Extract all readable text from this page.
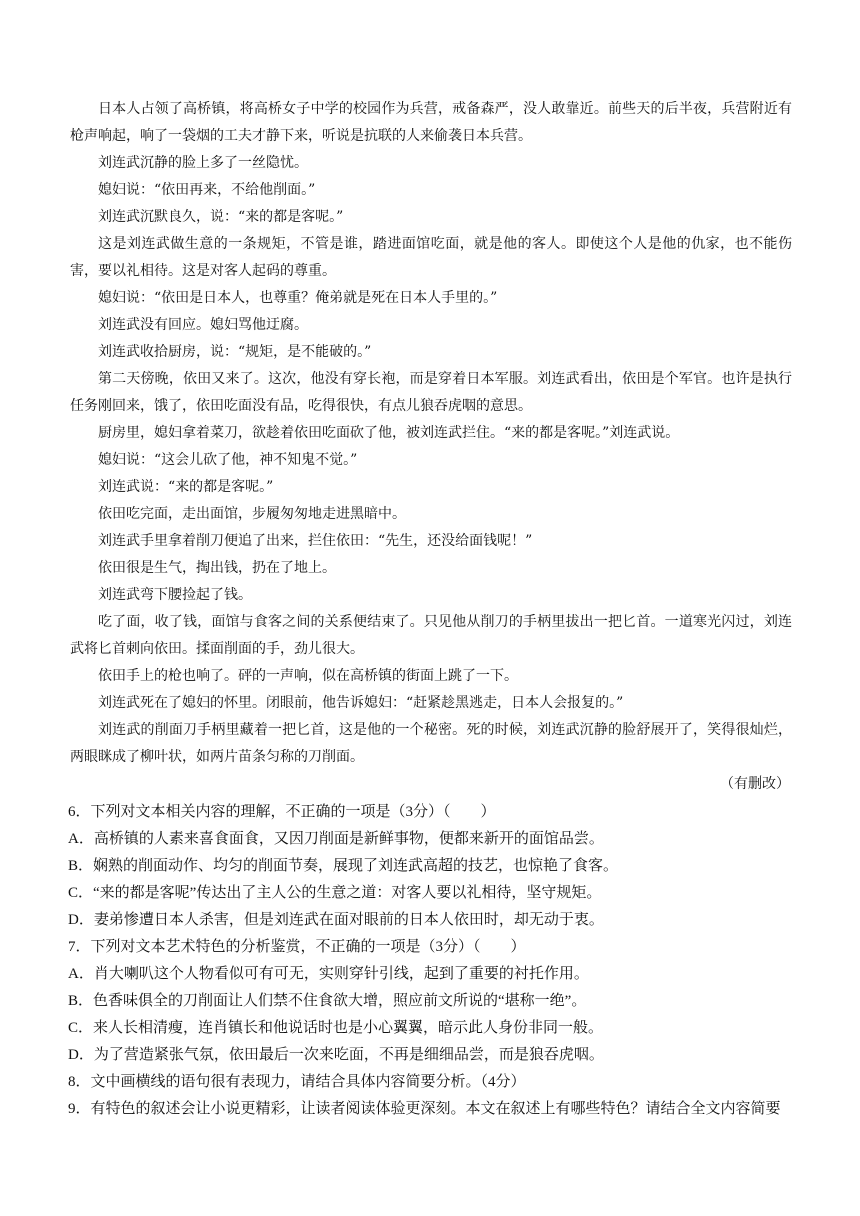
日本人占领了高桥镇，将高桥女子中学的校园作为兵营，戒备森严，没人敢靠近。前些天的后半夜，兵营附近有枪声响起，响了一袋烟的工夫才静下来，听说是抗联的人来偷袭日本兵营。

刘连武沉静的脸上多了一丝隐忧。

媳妇说：“依田再来，不给他削面。”

刘连武沉默良久，说：“来的都是客呢。”

这是刘连武做生意的一条规矩，不管是谁，踏进面馆吃面，就是他的客人。即使这个人是他的仇家，也不能伤害，要以礼相待。这是对客人起码的尊重。

媳妇说：“依田是日本人，也尊重？俺弟就是死在日本人手里的。”

刘连武没有回应。媳妇骂他迂腐。

刘连武收拾厨房，说：“规矩，是不能破的。”

第二天傍晚，依田又来了。这次，他没有穿长袍，而是穿着日本军服。刘连武看出，依田是个军官。也许是执行任务刚回来，饿了，依田吃面没有品，吃得很快，有点儿狼吞虎咽的意思。

厨房里，媳妇拿着菜刀，欲趁着依田吃面砍了他，被刘连武拦住。“来的都是客呢。”刘连武说。

媳妇说：“这会儿砍了他，神不知鬼不觉。”

刘连武说：“来的都是客呢。”

依田吃完面，走出面馆，步履匆匆地走进黑暗中。

刘连武手里拿着削刀便追了出来，拦住依田：“先生，还没给面钱呢！”

依田很是生气，掏出钱，扔在了地上。

刘连武弯下腰捡起了钱。

吃了面，收了钱，面馆与食客之间的关系便结束了。只见他从削刀的手柄里拔出一把匕首。一道寒光闪过，刘连武将匕首刺向依田。揉面削面的手，劲儿很大。

依田手上的枪也响了。砰的一声响，似在高桥镇的街面上跳了一下。

刘连武死在了媳妇的怀里。闭眼前，他告诉媳妇：“赶紧趁黑逃走，日本人会报复的。”

刘连武的削面刀手柄里藏着一把匕首，这是他的一个秘密。死的时候，刘连武沉静的脸舒展开了，笑得很灿烂，两眼眯成了柳叶状，如两片苗条匀称的刀削面。

（有删改）

6．下列对文本相关内容的理解，不正确的一项是（3分）（　　）

A．高桥镇的人素来喜食面食，又因刀削面是新鲜事物，便都来新开的面馆品尝。

B．娴熟的削面动作、均匀的削面节奏，展现了刘连武高超的技艺，也惊艳了食客。

C．“来的都是客呢”传达出了主人公的生意之道：对客人要以礼相待，坚守规矩。

D．妻弟惨遭日本人杀害，但是刘连武在面对眼前的日本人依田时，却无动于衷。

7．下列对文本艺术特色的分析鉴赏，不正确的一项是（3分）（　　）

A．肖大喇叭这个人物看似可有可无，实则穿针引线，起到了重要的衬托作用。

B．色香味俱全的刀削面让人们禁不住食欲大增，照应前文所说的“堪称一绝”。

C．来人长相清瘦，连肖镇长和他说话时也是小心翼翼，暗示此人身份非同一般。

D．为了营造紧张气氛，依田最后一次来吃面，不再是细细品尝，而是狼吞虎咽。

8．文中画横线的语句很有表现力，请结合具体内容简要分析。（4分）

9．有特色的叙述会让小说更精彩，让读者阅读体验更深刻。本文在叙述上有哪些特色？请结合全文内容简要
